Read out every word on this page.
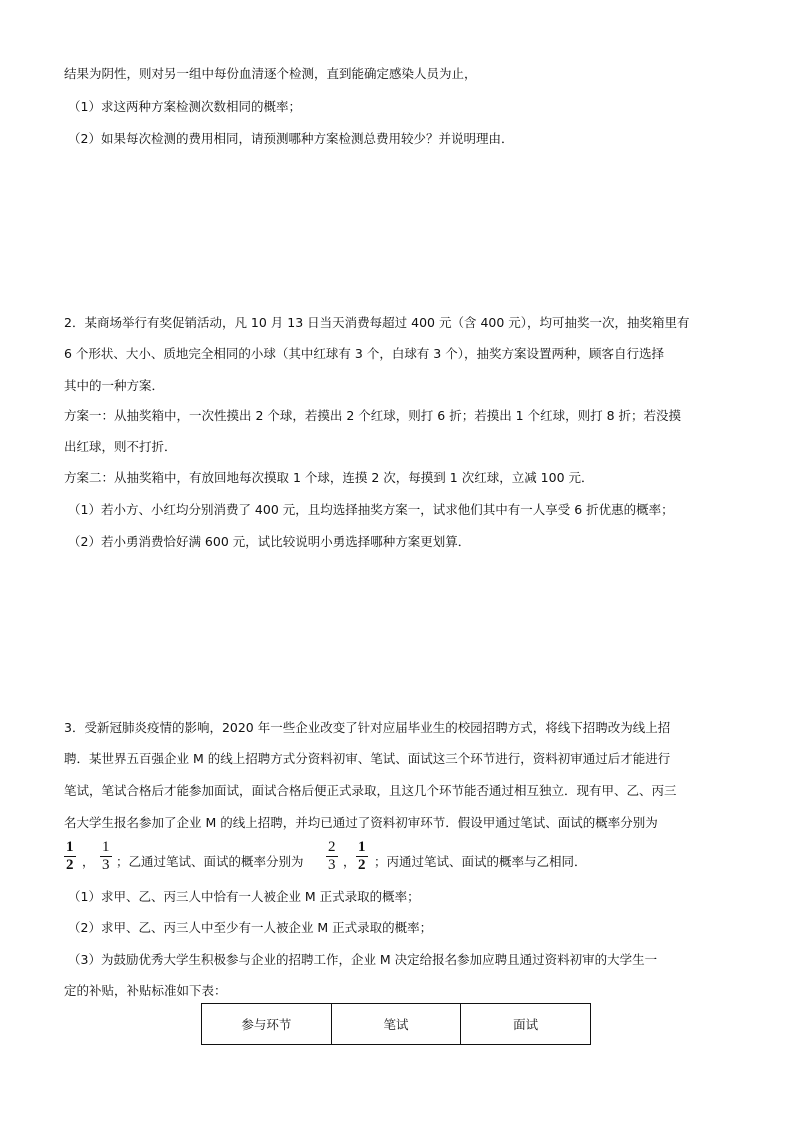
结果为阴性，则对另一组中每份血清逐个检测，直到能确定感染人员为止，
（1）求这两种方案检测次数相同的概率；
（2）如果每次检测的费用相同，请预测哪种方案检测总费用较少？并说明理由．
2．某商场举行有奖促销活动，凡 10 月 13 日当天消费每超过 400 元（含 400 元），均可抽奖一次，抽奖箱里有
6 个形状、大小、质地完全相同的小球（其中红球有 3 个，白球有 3 个），抽奖方案设置两种，顾客自行选择
其中的一种方案．
方案一：从抽奖箱中，一次性摸出 2 个球，若摸出 2 个红球，则打 6 折；若摸出 1 个红球，则打 8 折；若没摸
出红球，则不打折．
方案二：从抽奖箱中，有放回地每次摸取 1 个球，连摸 2 次，每摸到 1 次红球，立减 100 元．
（1）若小方、小红均分别消费了 400 元，且均选择抽奖方案一，试求他们其中有一人享受 6 折优惠的概率；
（2）若小勇消费恰好满 600 元，试比较说明小勇选择哪种方案更划算．
3．受新冠肺炎疫情的影响，2020 年一些企业改变了针对应届毕业生的校园招聘方式，将线下招聘改为线上招
聘．某世界五百强企业 M 的线上招聘方式分资料初审、笔试、面试这三个环节进行，资料初审通过后才能进行
笔试，笔试合格后才能参加面试，面试合格后便正式录取，且这几个环节能否通过相互独立．现有甲、乙、丙三
名大学生报名参加了企业 M 的线上招聘，并均已通过了资料初审环节．假设甲通过笔试、面试的概率分别为
1
2 ，
1
3 ；乙通过笔试、面试的概率分别为
2
3 ，
1
2 ；丙通过笔试、面试的概率与乙相同．
（1）求甲、乙、丙三人中恰有一人被企业 M 正式录取的概率；
（2）求甲、乙、丙三人中至少有一人被企业 M 正式录取的概率；
（3）为鼓励优秀大学生积极参与企业的招聘工作，企业 M 决定给报名参加应聘且通过资料初审的大学生一
定的补贴，补贴标准如下表：
参与环节	笔试	面试
